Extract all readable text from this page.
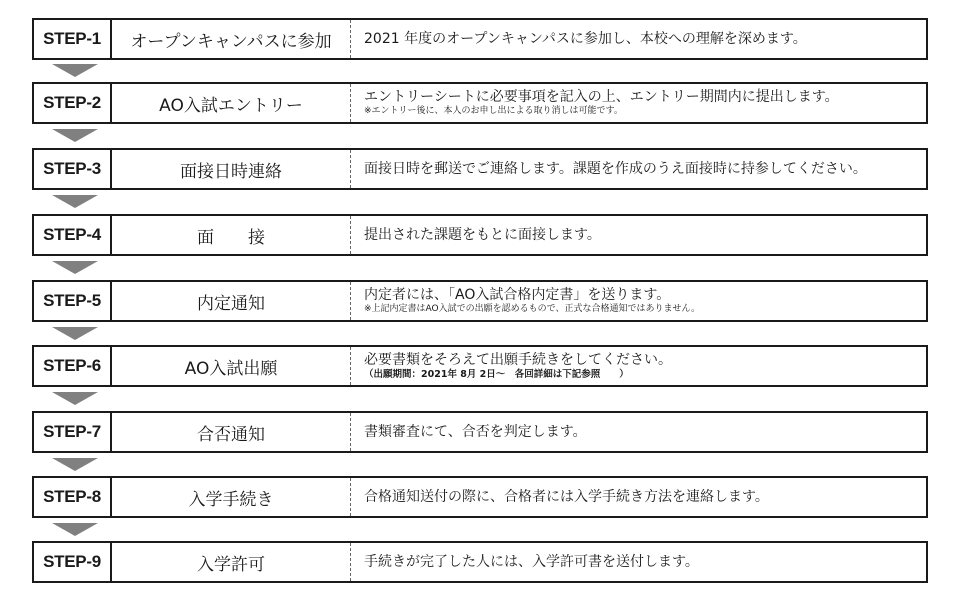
STEP-1	オープンキャンパスに参加	2021 年度のオープンキャンパスに参加し、本校への理解を深めます。
STEP-2	AO入試エントリー	エントリーシートに必要事項を記入の上、エントリー期間内に提出します。
※エントリー後に、本人のお申し出による取り消しは可能です。
STEP-3	面接日時連絡	面接日時を郵送でご連絡します。課題を作成のうえ面接時に持参してください。
STEP-4	面　　接	提出された課題をもとに面接します。
STEP-5	内定通知	内定者には、「AO入試合格内定書」を送ります。
※上記内定書はAO入試での出願を認めるもので、正式な合格通知ではありません。
STEP-6	AO入試出願	必要書類をそろえて出願手続きをしてください。
（出願期間：2021年 8月 2日～　各回詳細は下記参照　　）
STEP-7	合否通知	書類審査にて、合否を判定します。
STEP-8	入学手続き	合格通知送付の際に、合格者には入学手続き方法を連絡します。
STEP-9	入学許可	手続きが完了した人には、入学許可書を送付します。
